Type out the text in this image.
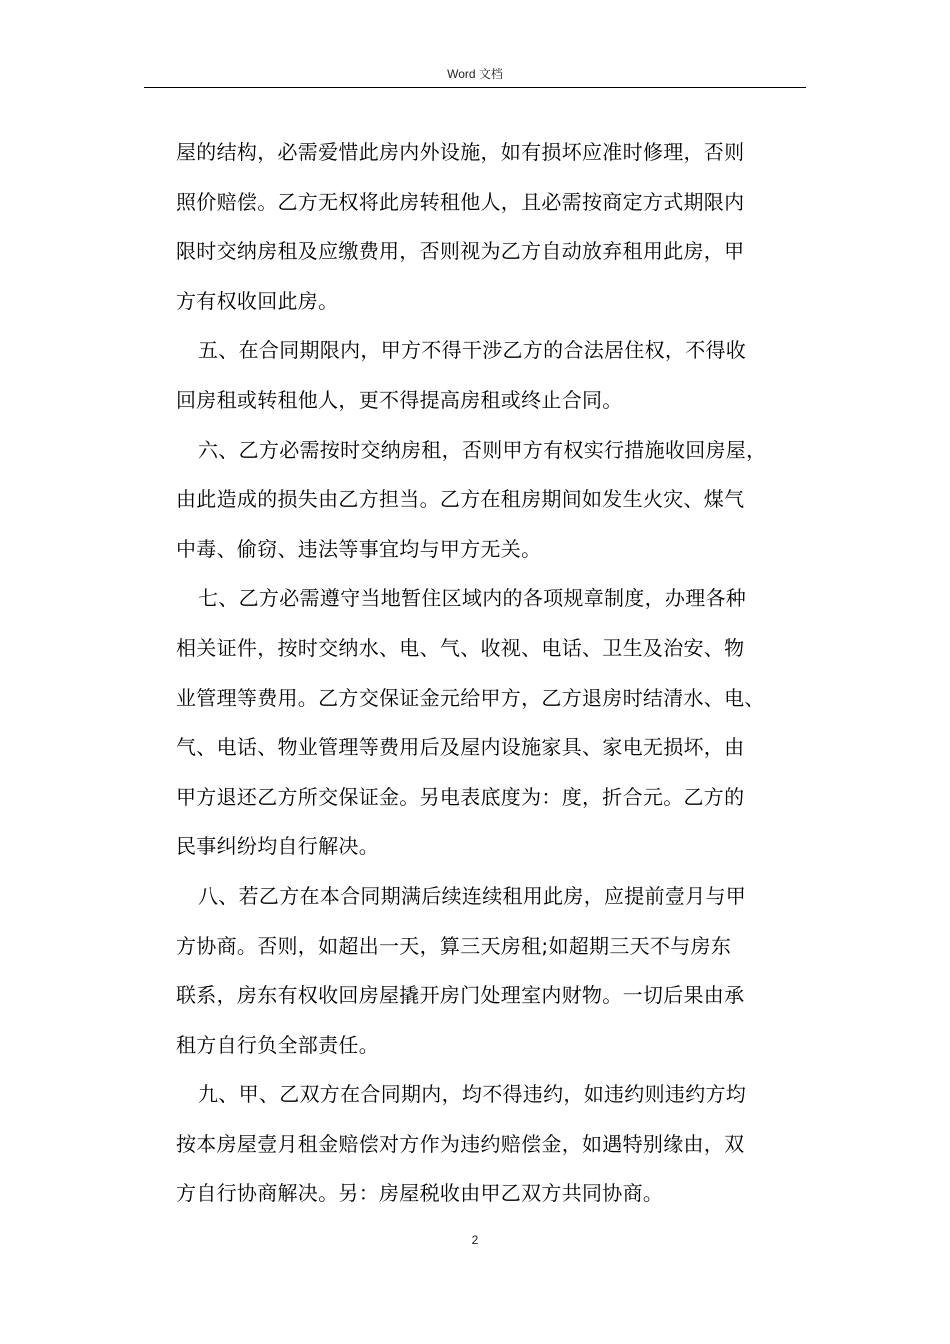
Word 文档

屋的结构，必需爱惜此房内外设施，如有损坏应准时修理，否则
照价赔偿。乙方无权将此房转租他人，且必需按商定方式期限内
限时交纳房租及应缴费用，否则视为乙方自动放弃租用此房，甲
方有权收回此房。

五、在合同期限内，甲方不得干涉乙方的合法居住权，不得收
回房租或转租他人，更不得提高房租或终止合同。

六、乙方必需按时交纳房租，否则甲方有权实行措施收回房屋，
由此造成的损失由乙方担当。乙方在租房期间如发生火灾、煤气
中毒、偷窃、违法等事宜均与甲方无关。

七、乙方必需遵守当地暂住区域内的各项规章制度，办理各种
相关证件，按时交纳水、电、气、收视、电话、卫生及治安、物
业管理等费用。乙方交保证金元给甲方，乙方退房时结清水、电、
气、电话、物业管理等费用后及屋内设施家具、家电无损坏，由
甲方退还乙方所交保证金。另电表底度为：度，折合元。乙方的
民事纠纷均自行解决。

八、若乙方在本合同期满后续连续租用此房，应提前壹月与甲
方协商。否则，如超出一天，算三天房租;如超期三天不与房东
联系，房东有权收回房屋撬开房门处理室内财物。一切后果由承
租方自行负全部责任。

九、甲、乙双方在合同期内，均不得违约，如违约则违约方均
按本房屋壹月租金赔偿对方作为违约赔偿金，如遇特别缘由，双
方自行协商解决。另：房屋税收由甲乙双方共同协商。

2
